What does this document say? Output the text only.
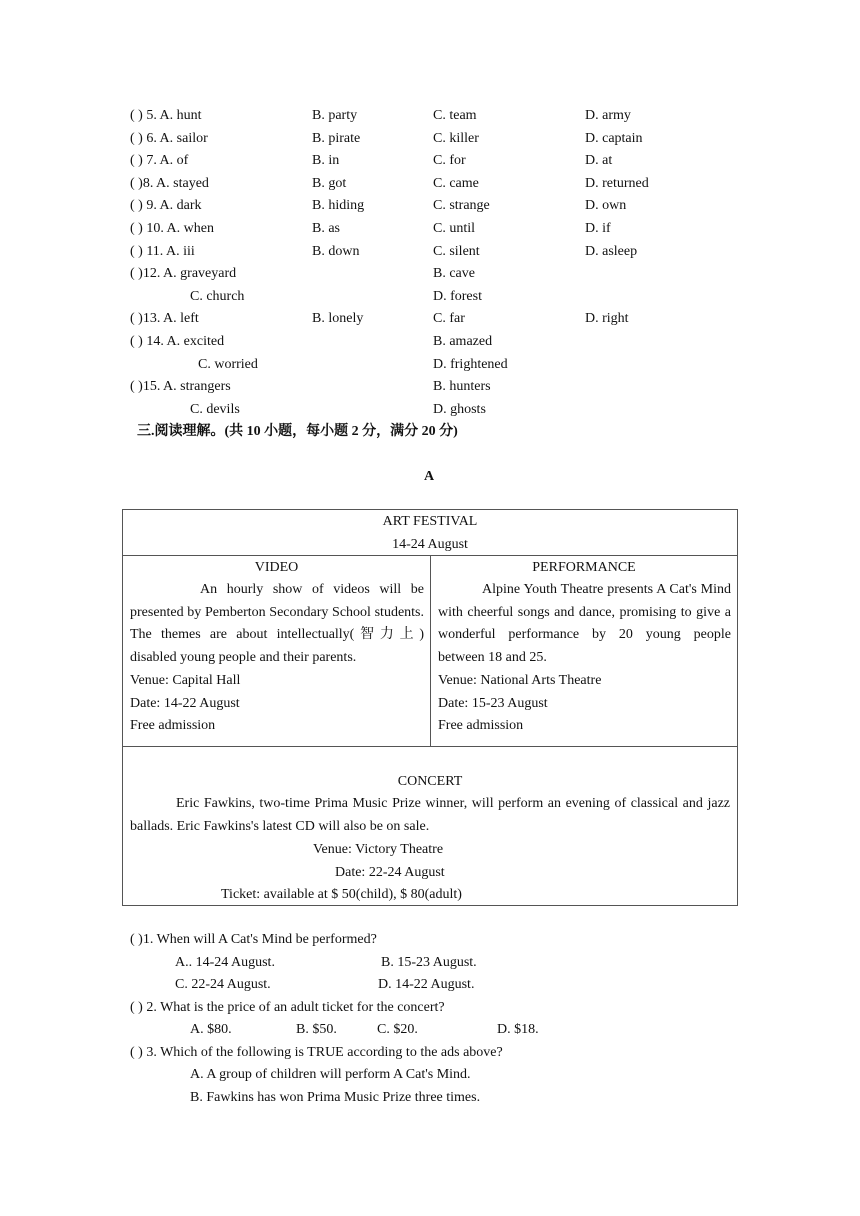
( ) 5. A. hunt	B. party	C. team	D. army
( ) 6. A. sailor	B. pirate	C. killer	D. captain
( ) 7. A. of	B. in	C. for	D. at
( )8. A. stayed	B. got	C. came	D. returned
( ) 9. A. dark	B. hiding	C. strange	D. own
( ) 10. A. when	B. as	C. until	D. if
( ) 11. A. iii	B. down	C. silent	D. asleep
( )12. A. graveyard	B. cave
C. church	D. forest
( )13. A. left	B. lonely	C. far	D. right
( ) 14. A. excited	B. amazed
C. worried	D. frightened
( )15. A. strangers	B. hunters
C. devils	D. ghosts
三.阅读理解。(共 10 小题，每小题 2 分，满分 20 分)
A
ART FESTIVAL
14-24 August
VIDEO
An hourly show of videos will be presented by Pemberton Secondary School students. The themes are about intellectually(智力上) disabled young people and their parents.
Venue: Capital Hall
Date: 14-22 August
Free admission
PERFORMANCE
Alpine Youth Theatre presents A Cat's Mind with cheerful songs and dance, promising to give a wonderful performance by 20 young people between 18 and 25.
Venue: National Arts Theatre
Date: 15-23 August
Free admission
CONCERT
Eric Fawkins, two-time Prima Music Prize winner, will perform an evening of classical and jazz ballads. Eric Fawkins's latest CD will also be on sale.
Venue: Victory Theatre
Date: 22-24 August
Ticket: available at $ 50(child), $ 80(adult)
( )1. When will A Cat's Mind be performed?
A.. 14-24 August.	B. 15-23 August.
C. 22-24 August.	D. 14-22 August.
( ) 2. What is the price of an adult ticket for the concert?
A. $80.	B. $50.	C. $20.	D. $18.
( ) 3. Which of the following is TRUE according to the ads above?
A. A group of children will perform A Cat's Mind.
B. Fawkins has won Prima Music Prize three times.
